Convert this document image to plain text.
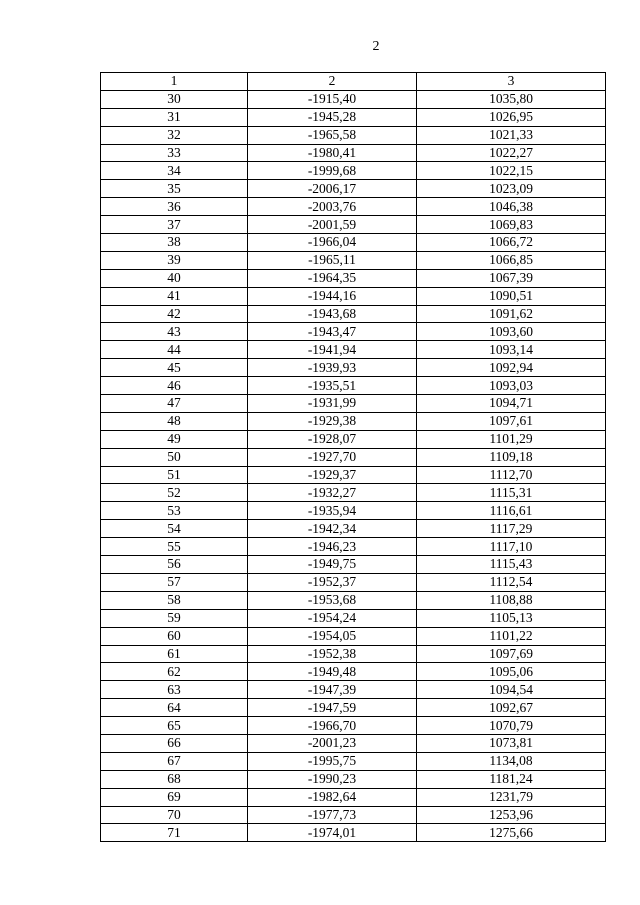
2
1	2	3
30	-1915,40	1035,80
31	-1945,28	1026,95
32	-1965,58	1021,33
33	-1980,41	1022,27
34	-1999,68	1022,15
35	-2006,17	1023,09
36	-2003,76	1046,38
37	-2001,59	1069,83
38	-1966,04	1066,72
39	-1965,11	1066,85
40	-1964,35	1067,39
41	-1944,16	1090,51
42	-1943,68	1091,62
43	-1943,47	1093,60
44	-1941,94	1093,14
45	-1939,93	1092,94
46	-1935,51	1093,03
47	-1931,99	1094,71
48	-1929,38	1097,61
49	-1928,07	1101,29
50	-1927,70	1109,18
51	-1929,37	1112,70
52	-1932,27	1115,31
53	-1935,94	1116,61
54	-1942,34	1117,29
55	-1946,23	1117,10
56	-1949,75	1115,43
57	-1952,37	1112,54
58	-1953,68	1108,88
59	-1954,24	1105,13
60	-1954,05	1101,22
61	-1952,38	1097,69
62	-1949,48	1095,06
63	-1947,39	1094,54
64	-1947,59	1092,67
65	-1966,70	1070,79
66	-2001,23	1073,81
67	-1995,75	1134,08
68	-1990,23	1181,24
69	-1982,64	1231,79
70	-1977,73	1253,96
71	-1974,01	1275,66
